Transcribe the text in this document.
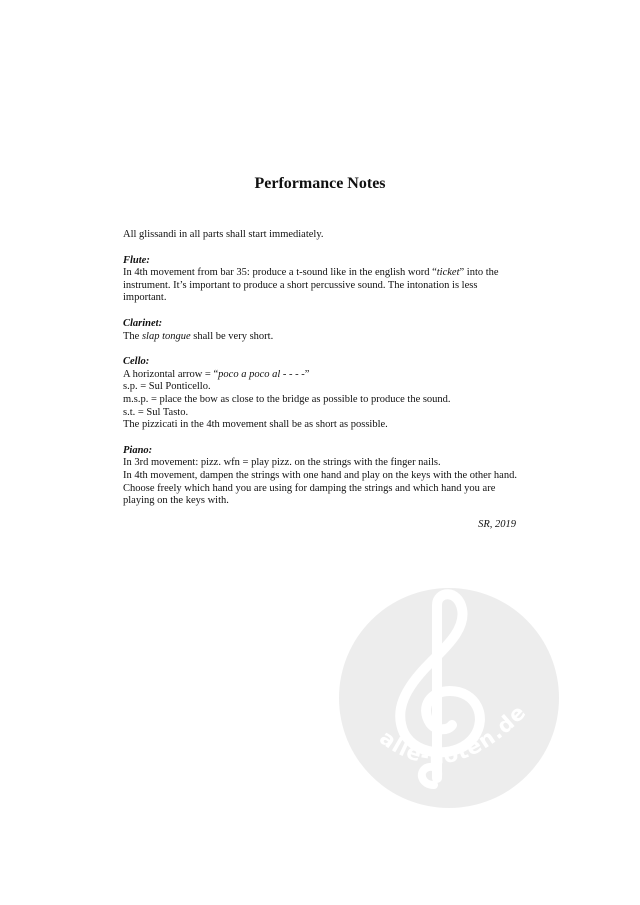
Performance Notes

All glissandi in all parts shall start immediately.

Flute:

In 4th movement from bar 35: produce a t-sound like in the english word “ticket” into the instrument. It’s important to produce a short percussive sound. The intonation is less important.

Clarinet:

The slap tongue shall be very short.

Cello:

A horizontal arrow = “poco a poco al - - - -”

s.p. = Sul Ponticello.

m.s.p. = place the bow as close to the bridge as possible to produce the sound.

s.t. = Sul Tasto.

The pizzicati in the 4th movement shall be as short as possible.

Piano:

In 3rd movement: pizz. wfn = play pizz. on the strings with the finger nails.

In 4th movement, dampen the strings with one hand and play on the keys with the other hand. Choose freely which hand you are using for damping the strings and which hand you are playing on the keys with.

SR, 2019
alle-noten.de
